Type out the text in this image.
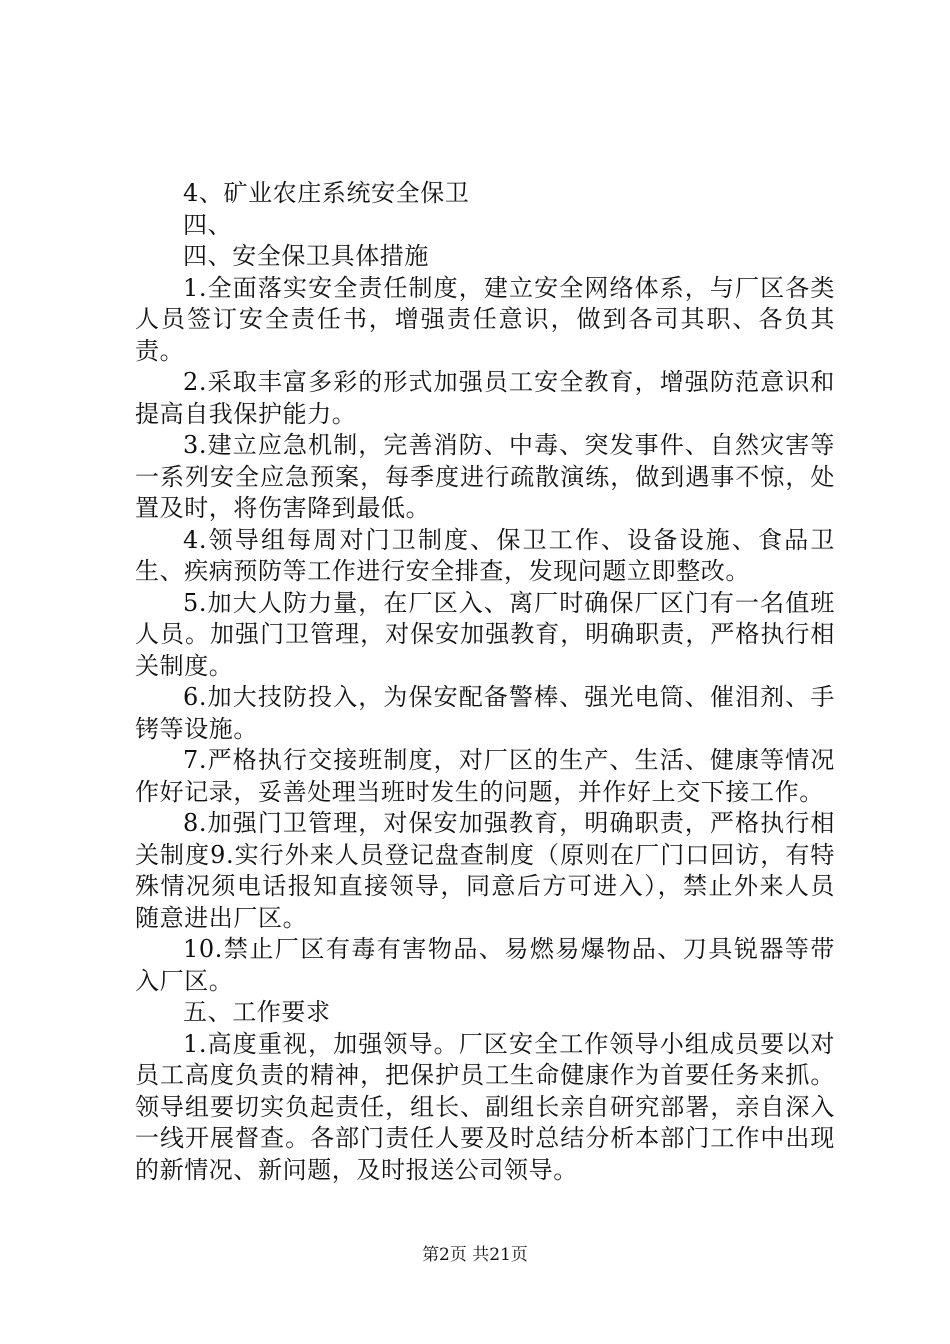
4、矿业农庄系统安全保卫

四、

四、安全保卫具体措施

1.全面落实安全责任制度，建立安全网络体系，与厂区各类人员签订安全责任书，增强责任意识，做到各司其职、各负其责。

2.采取丰富多彩的形式加强员工安全教育，增强防范意识和提高自我保护能力。

3.建立应急机制，完善消防、中毒、突发事件、自然灾害等一系列安全应急预案，每季度进行疏散演练，做到遇事不惊，处置及时，将伤害降到最低。

4.领导组每周对门卫制度、保卫工作、设备设施、食品卫生、疾病预防等工作进行安全排查，发现问题立即整改。

5.加大人防力量，在厂区入、离厂时确保厂区门有一名值班人员。加强门卫管理，对保安加强教育，明确职责，严格执行相关制度。

6.加大技防投入，为保安配备警棒、强光电筒、催泪剂、手铐等设施。

7.严格执行交接班制度，对厂区的生产、生活、健康等情况作好记录，妥善处理当班时发生的问题，并作好上交下接工作。

8.加强门卫管理，对保安加强教育，明确职责，严格执行相关制度9.实行外来人员登记盘查制度（原则在厂门口回访，有特殊情况须电话报知直接领导，同意后方可进入），禁止外来人员随意进出厂区。

10.禁止厂区有毒有害物品、易燃易爆物品、刀具锐器等带入厂区。

五、工作要求

1.高度重视，加强领导。厂区安全工作领导小组成员要以对员工高度负责的精神，把保护员工生命健康作为首要任务来抓。领导组要切实负起责任，组长、副组长亲自研究部署，亲自深入一线开展督查。各部门责任人要及时总结分析本部门工作中出现的新情况、新问题，及时报送公司领导。

第2页 共21页
